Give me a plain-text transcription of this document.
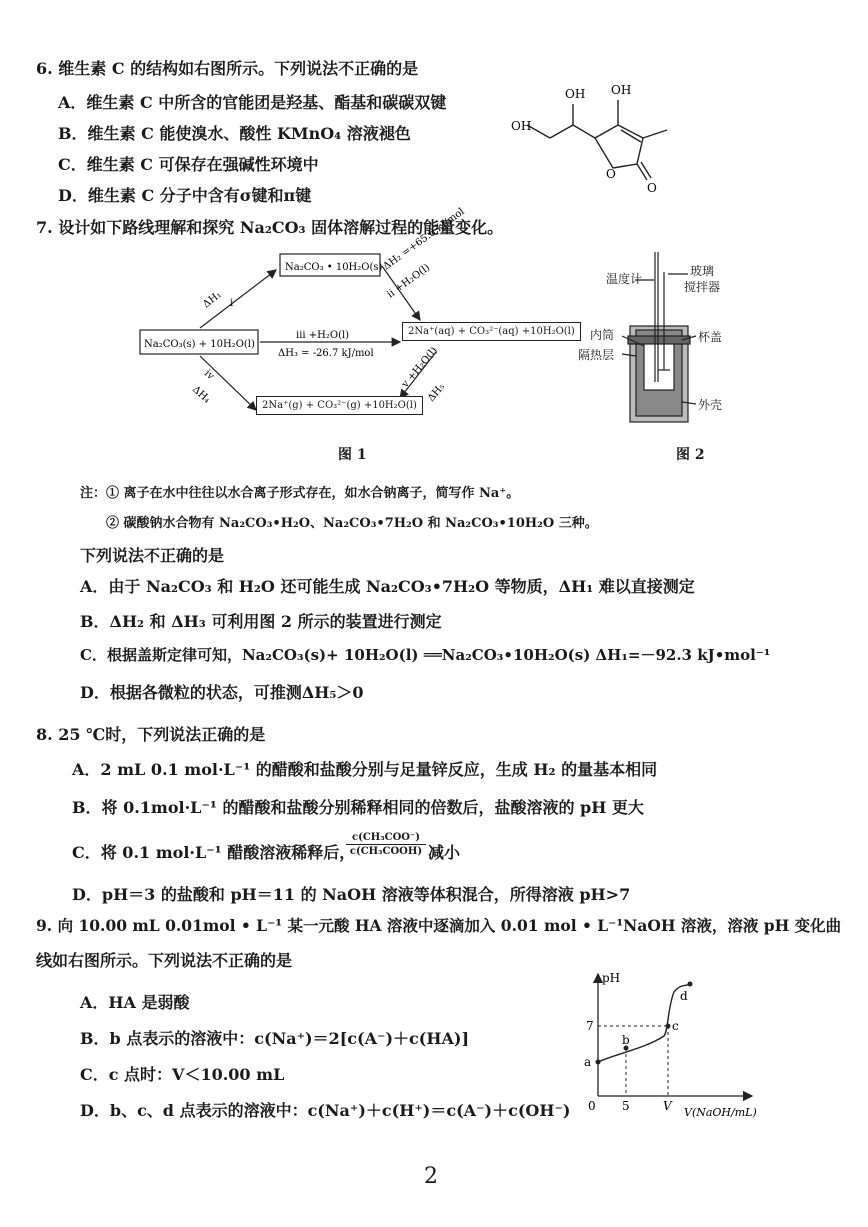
6. 维生素 C 的结构如右图所示。下列说法不正确的是
A．维生素 C 中所含的官能团是羟基、酯基和碳碳双键
B．维生素 C 能使溴水、酸性 KMnO₄ 溶液褪色
C．维生素 C 可保存在强碱性环境中
D．维生素 C 分子中含有σ键和π键
OH
OH OH
O
O
7. 设计如下路线理解和探究 Na₂CO₃ 固体溶解过程的能量变化。
Na₂CO₃(s) + 10H₂O(l)
Na₂CO₃ • 10H₂O(s)
ΔH₁ i
iii +H₂O(l)
ΔH₃ = -26.7 kJ/mol
iv
ΔH₄
ΔH₂ =+65.6 kJ/mol
ii +H₂O(l)
v +H₂O(l)
ΔH₅
2Na⁺(aq) + CO₃²⁻(aq) +10H₂O(l)
2Na⁺(g) + CO₃²⁻(g) +10H₂O(l)
图 1
温度计
玻璃
搅拌器
内筒	杯盖
隔热层
外壳
图 2
注：① 离子在水中往往以水合离子形式存在，如水合钠离子，简写作 Na⁺。
② 碳酸钠水合物有 Na₂CO₃•H₂O、Na₂CO₃•7H₂O 和 Na₂CO₃•10H₂O 三种。
下列说法不正确的是
A．由于 Na₂CO₃ 和 H₂O 还可能生成 Na₂CO₃•7H₂O 等物质，ΔH₁ 难以直接测定
B．ΔH₂ 和 ΔH₃ 可利用图 2 所示的装置进行测定
C．根据盖斯定律可知，Na₂CO₃(s)+ 10H₂O(l) ══Na₂CO₃•10H₂O(s) ΔH₁=－92.3 kJ•mol⁻¹
D．根据各微粒的状态，可推测ΔH₅＞0
8. 25 ℃时，下列说法正确的是
A．2 mL 0.1 mol·L⁻¹ 的醋酸和盐酸分别与足量锌反应，生成 H₂ 的量基本相同
B．将 0.1mol·L⁻¹ 的醋酸和盐酸分别稀释相同的倍数后，盐酸溶液的 pH 更大
C．将 0.1 mol·L⁻¹ 醋酸溶液稀释后，
c(CH₃COO⁻)
c(CH₃COOH) 减小
D．pH＝3 的盐酸和 pH＝11 的 NaOH 溶液等体积混合，所得溶液 pH>7
9. 向 10.00 mL 0.01mol • L⁻¹ 某一元酸 HA 溶液中逐滴加入 0.01 mol • L⁻¹NaOH 溶液，溶液 pH 变化曲
线如右图所示。下列说法不正确的是
A．HA 是弱酸
B．b 点表示的溶液中：c(Na⁺)＝2[c(A⁻)＋c(HA)]
C．c 点时：V＜10.00 mL
D．b、c、d 点表示的溶液中：c(Na⁺)＋c(H⁺)＝c(A⁻)＋c(OH⁻)
pH
V(NaOH/mL)
0 5	V
7
a
b
c
d
2
